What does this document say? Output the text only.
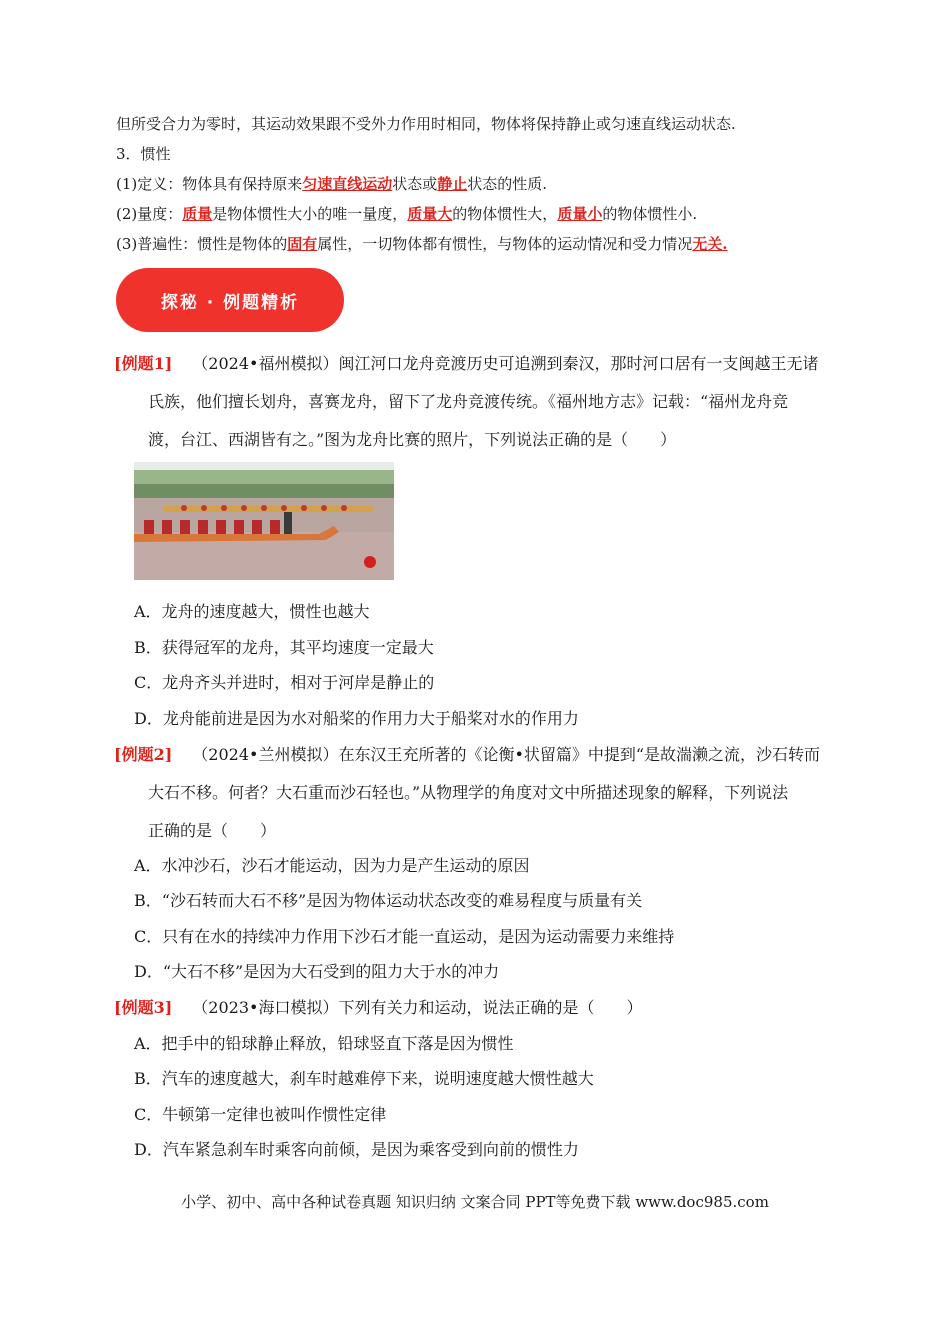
但所受合力为零时，其运动效果跟不受外力作用时相同，物体将保持静止或匀速直线运动状态.
3．惯性
(1)定义：物体具有保持原来匀速直线运动状态或静止状态的性质.
(2)量度：质量是物体惯性大小的唯一量度，质量大的物体惯性大，质量小的物体惯性小.
(3)普遍性：惯性是物体的固有属性，一切物体都有惯性，与物体的运动情况和受力情况无关.
探秘 · 例题精析
[例题1] （2024•福州模拟）闽江河口龙舟竞渡历史可追溯到秦汉，那时河口居有一支闽越王无诸
氏族，他们擅长划舟，喜赛龙舟，留下了龙舟竞渡传统。《福州地方志》记载：“福州龙舟竞
渡，台江、西湖皆有之。”图为龙舟比赛的照片，下列说法正确的是（　　）
A．龙舟的速度越大，惯性也越大
B．获得冠军的龙舟，其平均速度一定最大
C．龙舟齐头并进时，相对于河岸是静止的
D．龙舟能前进是因为水对船桨的作用力大于船桨对水的作用力
[例题2] （2024•兰州模拟）在东汉王充所著的《论衡•状留篇》中提到“是故湍濑之流，沙石转而
大石不移。何者？大石重而沙石轻也。”从物理学的角度对文中所描述现象的解释，下列说法
正确的是（　　）
A．水冲沙石，沙石才能运动，因为力是产生运动的原因
B．“沙石转而大石不移”是因为物体运动状态改变的难易程度与质量有关
C．只有在水的持续冲力作用下沙石才能一直运动，是因为运动需要力来维持
D．“大石不移”是因为大石受到的阻力大于水的冲力
[例题3] （2023•海口模拟）下列有关力和运动，说法正确的是（　　）
A．把手中的铅球静止释放，铅球竖直下落是因为惯性
B．汽车的速度越大，刹车时越难停下来，说明速度越大惯性越大
C．牛顿第一定律也被叫作惯性定律
D．汽车紧急刹车时乘客向前倾，是因为乘客受到向前的惯性力
小学、初中、高中各种试卷真题 知识归纳 文案合同 PPT等免费下载 www.doc985.com
